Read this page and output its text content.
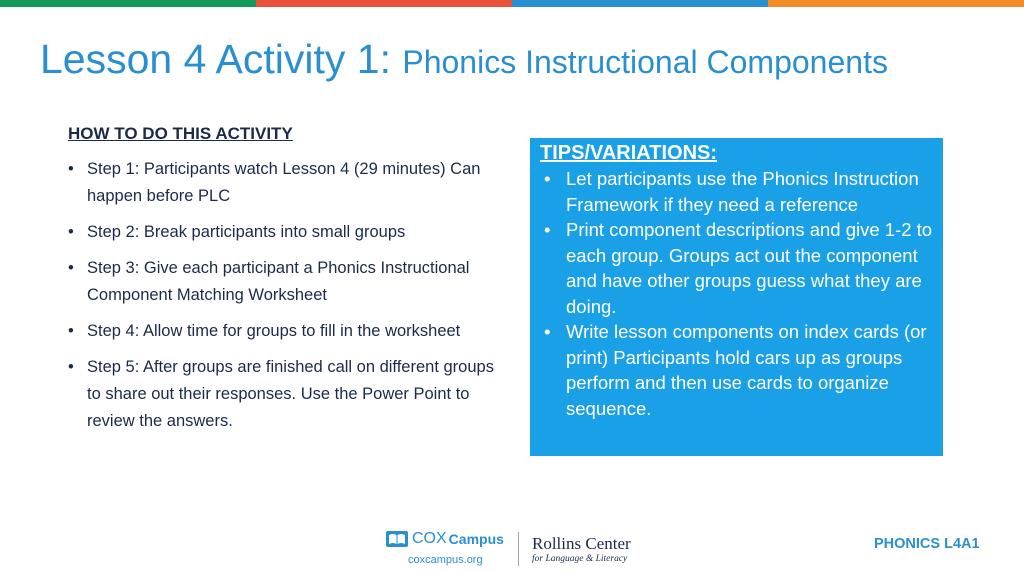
Lesson 4 Activity 1: Phonics Instructional Components
HOW TO DO THIS ACTIVITY
• Step 1: Participants watch Lesson 4 (29 minutes) Can happen before PLC
• Step 2: Break participants into small groups
• Step 3: Give each participant a Phonics Instructional Component Matching Worksheet
• Step 4: Allow time for groups to fill in the worksheet
• Step 5: After groups are finished call on different groups to share out their responses. Use the Power Point to review the answers.
TIPS/VARIATIONS:
• Let participants use the Phonics Instruction Framework if they need a reference
• Print component descriptions and give 1-2 to each group. Groups act out the component and have other groups guess what they are doing.
• Write lesson components on index cards (or print) Participants hold cars up as groups perform and then use cards to organize sequence.
COX Campus
coxcampus.org
Rollins Center
for Language & Literacy
PHONICS L4A1
